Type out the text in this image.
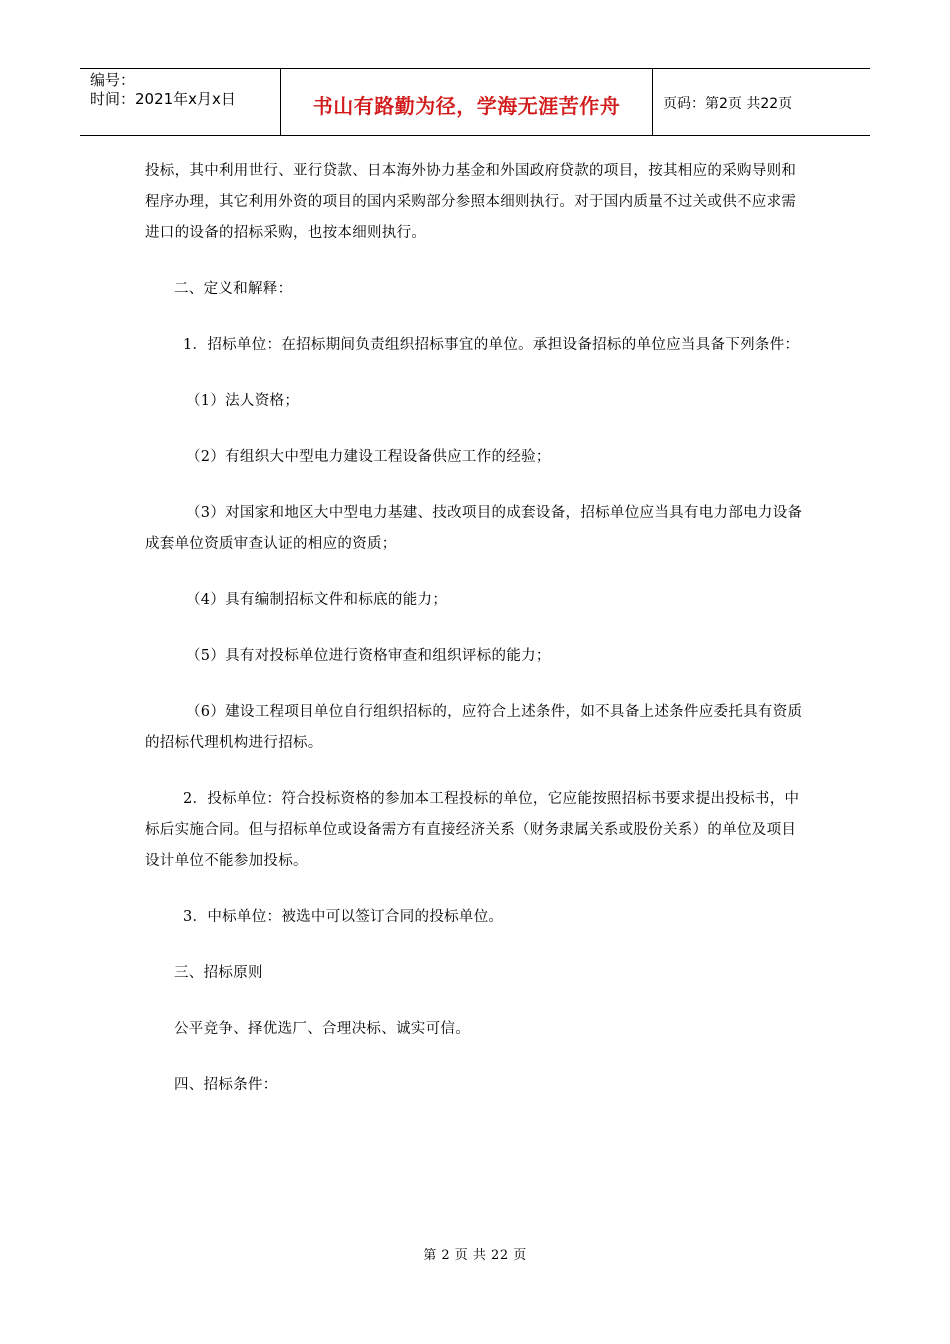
编号：
时间：2021年x月x日	书山有路勤为径，学海无涯苦作舟	页码：第2页 共22页

投标，其中利用世行、亚行贷款、日本海外协力基金和外国政府贷款的项目，按其相应的采购导则和程序办理，其它利用外资的项目的国内采购部分参照本细则执行。对于国内质量不过关或供不应求需进口的设备的招标采购，也按本细则执行。

二、定义和解释：

1．招标单位：在招标期间负责组织招标事宜的单位。承担设备招标的单位应当具备下列条件：

（1）法人资格；

（2）有组织大中型电力建设工程设备供应工作的经验；

（3）对国家和地区大中型电力基建、技改项目的成套设备，招标单位应当具有电力部电力设备成套单位资质审查认证的相应的资质；

（4）具有编制招标文件和标底的能力；

（5）具有对投标单位进行资格审查和组织评标的能力；

（6）建设工程项目单位自行组织招标的，应符合上述条件，如不具备上述条件应委托具有资质的招标代理机构进行招标。

2．投标单位：符合投标资格的参加本工程投标的单位，它应能按照招标书要求提出投标书，中标后实施合同。但与招标单位或设备需方有直接经济关系（财务隶属关系或股份关系）的单位及项目设计单位不能参加投标。

3．中标单位：被选中可以签订合同的投标单位。

三、招标原则

公平竞争、择优选厂、合理决标、诚实可信。

四、招标条件：

第 2 页 共 22 页
